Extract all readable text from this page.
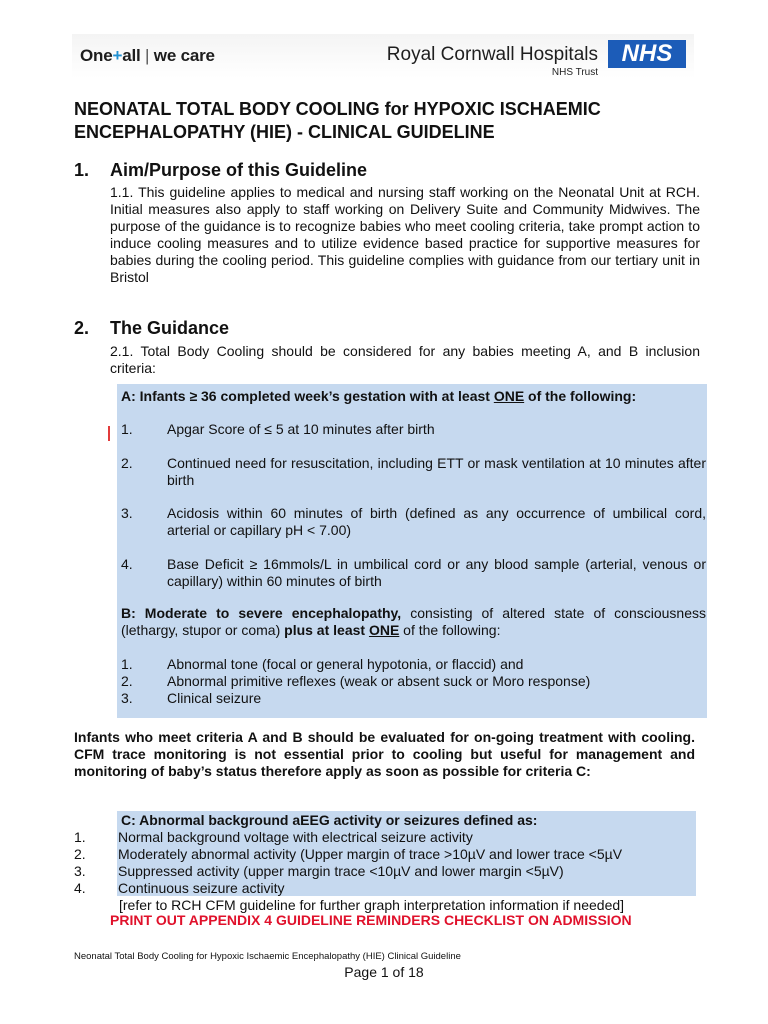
One+all | we care	Royal Cornwall Hospitals
NHS Trust
NHS
NEONATAL TOTAL BODY COOLING for HYPOXIC ISCHAEMIC
ENCEPHALOPATHY (HIE) - CLINICAL GUIDELINE
1. Aim/Purpose of this Guideline

1.1. This guideline applies to medical and nursing staff working on the Neonatal Unit at RCH. Initial measures also apply to staff working on Delivery Suite and Community Midwives. The purpose of the guidance is to recognize babies who meet cooling criteria, take prompt action to induce cooling measures and to utilize evidence based practice for supportive measures for babies during the cooling period. This guideline complies with guidance from our tertiary unit in Bristol

2. The Guidance

2.1. Total Body Cooling should be considered for any babies meeting A, and B inclusion criteria:

A: Infants ≥ 36 completed week’s gestation with at least ONE of the following:

1. Apgar Score of ≤ 5 at 10 minutes after birth
2. Continued need for resuscitation, including ETT or mask ventilation at 10 minutes after birth
3. Acidosis within 60 minutes of birth (defined as any occurrence of umbilical cord, arterial or capillary pH < 7.00)
4. Base Deficit ≥ 16mmols/L in umbilical cord or any blood sample (arterial, venous or capillary) within 60 minutes of birth

B: Moderate to severe encephalopathy, consisting of altered state of consciousness (lethargy, stupor or coma) plus at least ONE of the following:

1. Abnormal tone (focal or general hypotonia, or flaccid) and
2. Abnormal primitive reflexes (weak or absent suck or Moro response)
3. Clinical seizure

Infants who meet criteria A and B should be evaluated for on-going treatment with cooling. CFM trace monitoring is not essential prior to cooling but useful for management and monitoring of baby’s status therefore apply as soon as possible for criteria C:

C: Abnormal background aEEG activity or seizures defined as:

1. Normal background voltage with electrical seizure activity
2. Moderately abnormal activity (Upper margin of trace >10µV and lower trace <5µV
3. Suppressed activity (upper margin trace <10µV and lower margin <5µV)
4. Continuous seizure activity

[refer to RCH CFM guideline for further graph interpretation information if needed]

PRINT OUT APPENDIX 4 GUIDELINE REMINDERS CHECKLIST ON ADMISSION
Neonatal Total Body Cooling for Hypoxic Ischaemic Encephalopathy (HIE) Clinical Guideline
Page 1 of 18
